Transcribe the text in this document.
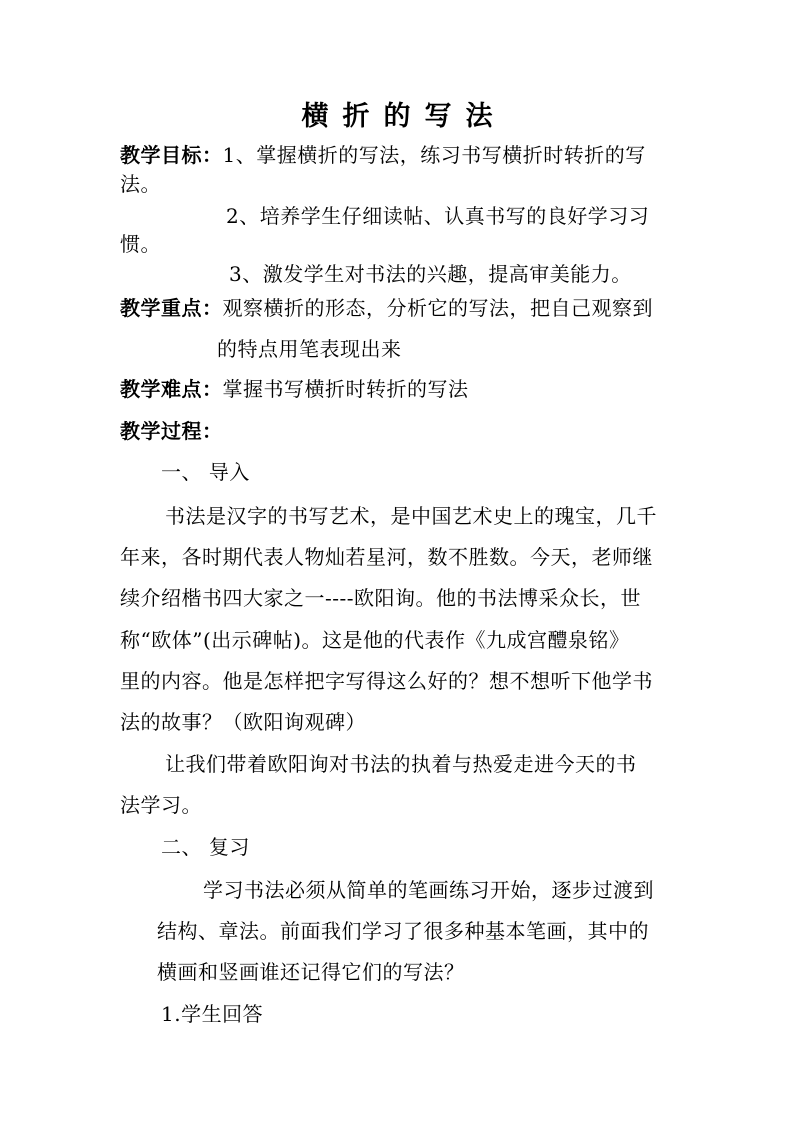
横折的写法
教学目标：1、掌握横折的写法，练习书写横折时转折的写
法。
2、培养学生仔细读帖、认真书写的良好学习习
惯。
3、激发学生对书法的兴趣，提高审美能力。
教学重点：观察横折的形态，分析它的写法，把自己观察到
的特点用笔表现出来
教学难点：掌握书写横折时转折的写法
教学过程：
一、 导入
书法是汉字的书写艺术，是中国艺术史上的瑰宝，几千
年来，各时期代表人物灿若星河，数不胜数。今天，老师继
续介绍楷书四大家之一----欧阳询。他的书法博采众长，世
称“欧体”(出示碑帖)。这是他的代表作《九成宫醴泉铭》
里的内容。他是怎样把字写得这么好的？想不想听下他学书
法的故事？（欧阳询观碑）
让我们带着欧阳询对书法的执着与热爱走进今天的书
法学习。
二、 复习
学习书法必须从简单的笔画练习开始，逐步过渡到
结构、章法。前面我们学习了很多种基本笔画，其中的
横画和竖画谁还记得它们的写法？
1.学生回答
